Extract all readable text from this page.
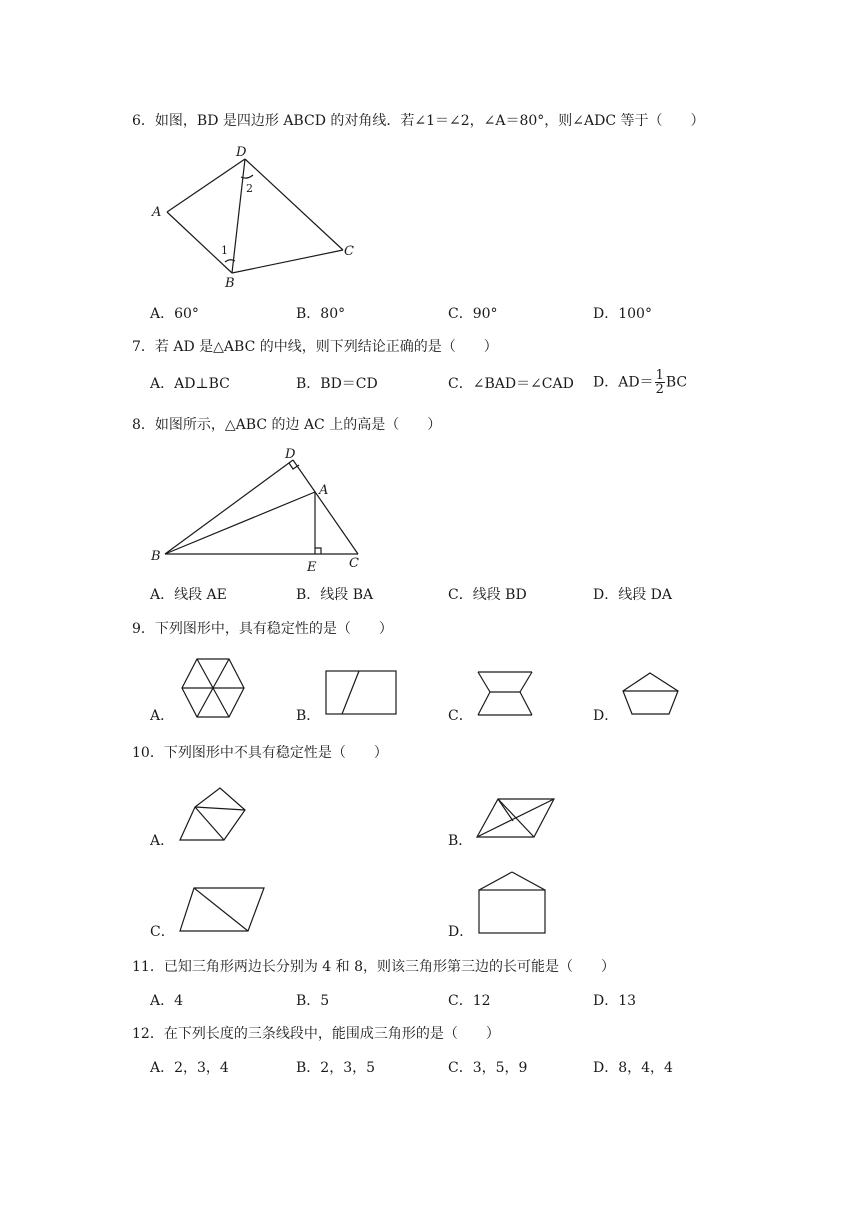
6．如图，BD 是四边形 ABCD 的对角线．若∠1＝∠2，∠A＝80°，则∠ADC 等于（　　）
D
A
B
C
2
1
A．60°	B．80°	C．90°	D．100°
7．若 AD 是△ABC 的中线，则下列结论正确的是（　　）
A．AD⊥BC	B．BD＝CD	C．∠BAD＝∠CAD D．$AD= \frac{1}{2}$ BC
8．如图所示，△ABC 的边 AC 上的高是（　　）
D
A
B
E	C
A．线段 AE	B．线段 BA	C．线段 BD	D．线段 DA
9．下列图形中，具有稳定性的是（　　）
A．	B．	C．	D．
10．下列图形中不具有稳定性是（　　）
A．	B．
C．	D．
11．已知三角形两边长分别为 4 和 8，则该三角形第三边的长可能是（　　）
A．4	B．5	C．12	D．13
12．在下列长度的三条线段中，能围成三角形的是（　　）
A．2，3，4	B．2，3，5	C．3，5，9	D．8，4，4
